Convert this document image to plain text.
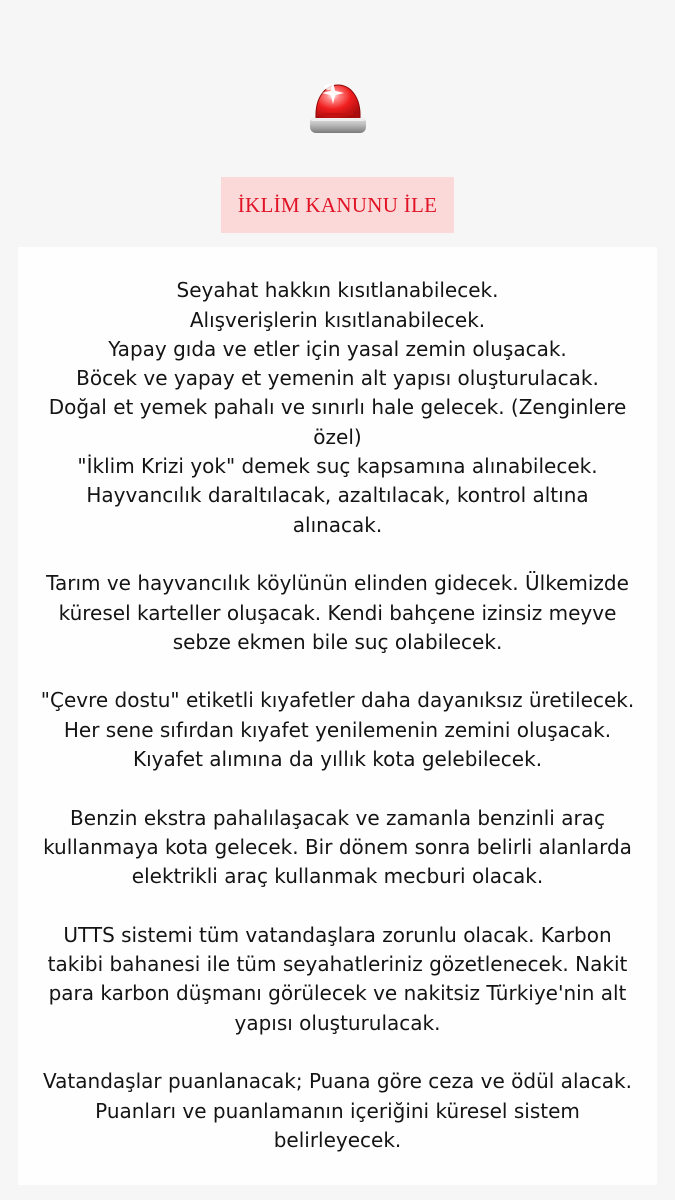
İKLİM KANUNU İLE
Seyahat hakkın kısıtlanabilecek.
Alışverişlerin kısıtlanabilecek.
Yapay gıda ve etler için yasal zemin oluşacak.
Böcek ve yapay et yemenin alt yapısı oluşturulacak.
Doğal et yemek pahalı ve sınırlı hale gelecek. (Zenginlere
özel)
"İklim Krizi yok" demek suç kapsamına alınabilecek.
Hayvancılık daraltılacak, azaltılacak, kontrol altına
alınacak.
Tarım ve hayvancılık köylünün elinden gidecek. Ülkemizde
küresel karteller oluşacak. Kendi bahçene izinsiz meyve
sebze ekmen bile suç olabilecek.
"Çevre dostu" etiketli kıyafetler daha dayanıksız üretilecek.
Her sene sıfırdan kıyafet yenilemenin zemini oluşacak.
Kıyafet alımına da yıllık kota gelebilecek.
Benzin ekstra pahalılaşacak ve zamanla benzinli araç
kullanmaya kota gelecek. Bir dönem sonra belirli alanlarda
elektrikli araç kullanmak mecburi olacak.
UTTS sistemi tüm vatandaşlara zorunlu olacak. Karbon
takibi bahanesi ile tüm seyahatleriniz gözetlenecek. Nakit
para karbon düşmanı görülecek ve nakitsiz Türkiye'nin alt
yapısı oluşturulacak.
Vatandaşlar puanlanacak; Puana göre ceza ve ödül alacak.
Puanları ve puanlamanın içeriğini küresel sistem
belirleyecek.
